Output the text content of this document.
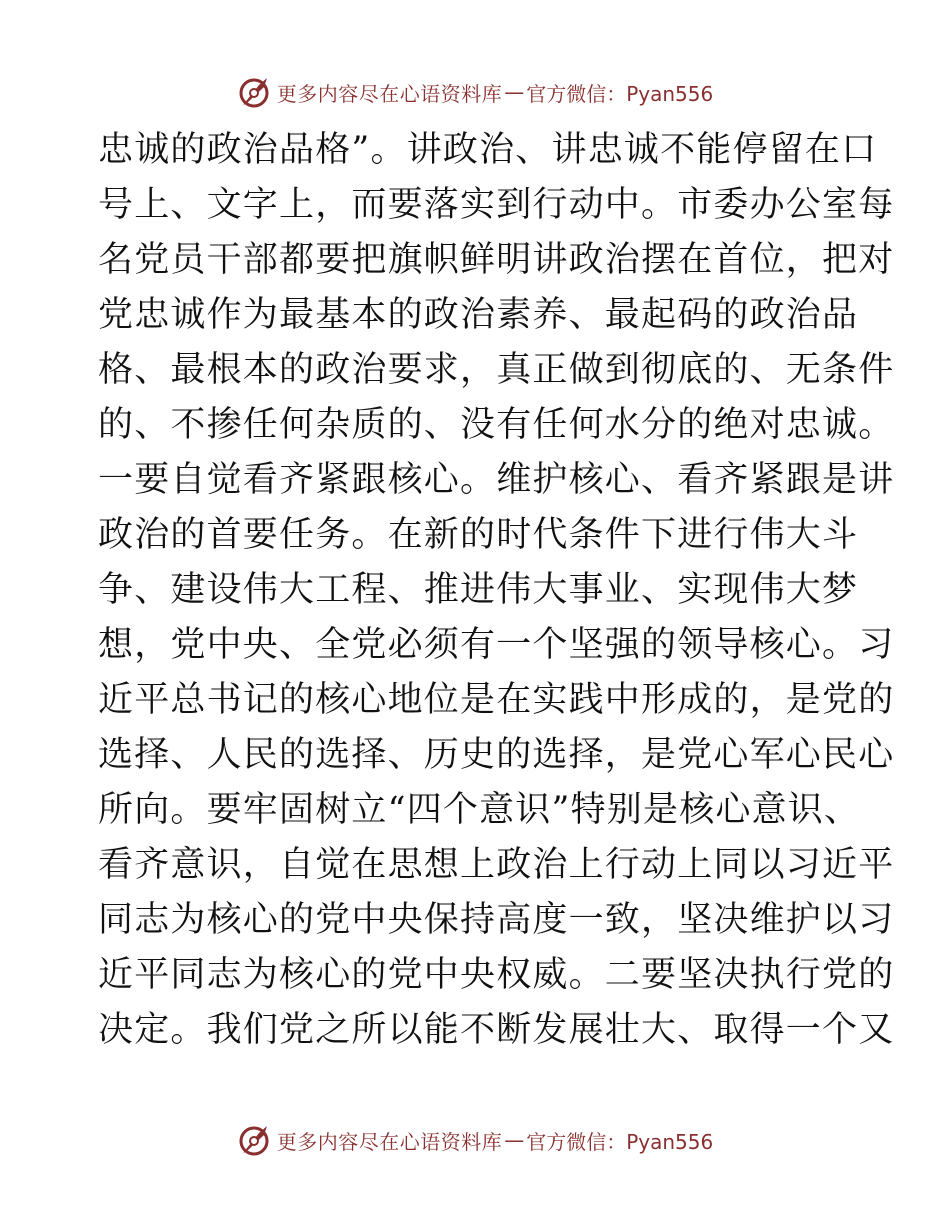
更多内容尽在心语资料库 — 官方微信：Pyan556
忠诚的政治品格”。讲政治、讲忠诚不能停留在口
号上、文字上，而要落实到行动中。市委办公室每
名党员干部都要把旗帜鲜明讲政治摆在首位，把对
党忠诚作为最基本的政治素养、最起码的政治品
格、最根本的政治要求，真正做到彻底的、无条件
的、不掺任何杂质的、没有任何水分的绝对忠诚。
一要自觉看齐紧跟核心。维护核心、看齐紧跟是讲
政治的首要任务。在新的时代条件下进行伟大斗
争、建设伟大工程、推进伟大事业、实现伟大梦
想，党中央、全党必须有一个坚强的领导核心。习
近平总书记的核心地位是在实践中形成的，是党的
选择、人民的选择、历史的选择，是党心军心民心
所向。要牢固树立“四个意识”特别是核心意识、
看齐意识，自觉在思想上政治上行动上同以习近平
同志为核心的党中央保持高度一致，坚决维护以习
近平同志为核心的党中央权威。二要坚决执行党的
决定。我们党之所以能不断发展壮大、取得一个又
更多内容尽在心语资料库 — 官方微信：Pyan556
